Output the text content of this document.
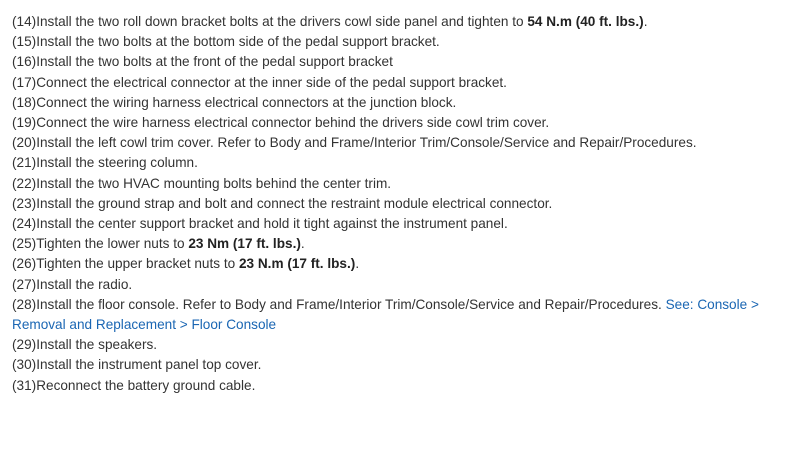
(14)Install the two roll down bracket bolts at the drivers cowl side panel and tighten to 54 N.m (40 ft. lbs.).

(15)Install the two bolts at the bottom side of the pedal support bracket.

(16)Install the two bolts at the front of the pedal support bracket

(17)Connect the electrical connector at the inner side of the pedal support bracket.

(18)Connect the wiring harness electrical connectors at the junction block.

(19)Connect the wire harness electrical connector behind the drivers side cowl trim cover.

(20)Install the left cowl trim cover. Refer to Body and Frame/Interior Trim/Console/Service and Repair/Procedures.

(21)Install the steering column.

(22)Install the two HVAC mounting bolts behind the center trim.

(23)Install the ground strap and bolt and connect the restraint module electrical connector.

(24)Install the center support bracket and hold it tight against the instrument panel.

(25)Tighten the lower nuts to 23 Nm (17 ft. lbs.).

(26)Tighten the upper bracket nuts to 23 N.m (17 ft. lbs.).

(27)Install the radio.

(28)Install the floor console. Refer to Body and Frame/Interior Trim/Console/Service and Repair/Procedures. See: Console > Removal and Replacement > Floor Console

(29)Install the speakers.

(30)Install the instrument panel top cover.

(31)Reconnect the battery ground cable.
